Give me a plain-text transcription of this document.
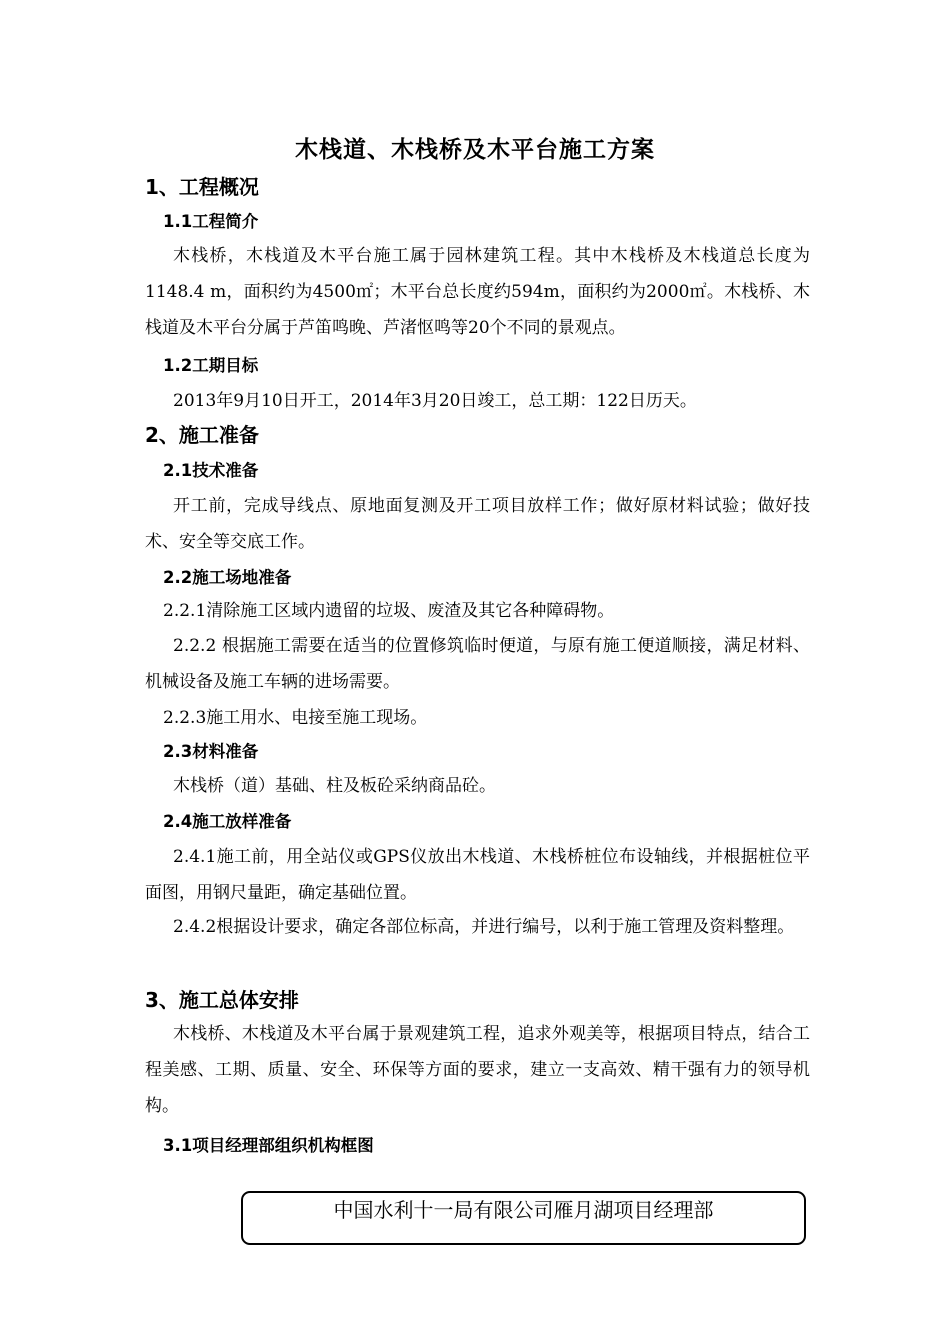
木栈道、木栈桥及木平台施工方案
1、工程概况
1.1工程简介
木栈桥，木栈道及木平台施工属于园林建筑工程。其中木栈桥及木栈道总长度为1148.4 m，面积约为4500㎡；木平台总长度约594m，面积约为2000㎡。木栈桥、木栈道及木平台分属于芦笛鸣晚、芦渚怄鸣等20个不同的景观点。
1.2工期目标
2013年9月10日开工，2014年3月20日竣工，总工期：122日历天。
2、施工准备
2.1技术准备
开工前，完成导线点、原地面复测及开工项目放样工作；做好原材料试验；做好技术、安全等交底工作。
2.2施工场地准备
2.2.1清除施工区域内遗留的垃圾、废渣及其它各种障碍物。
2.2.2 根据施工需要在适当的位置修筑临时便道，与原有施工便道顺接，满足材料、机械设备及施工车辆的进场需要。
2.2.3施工用水、电接至施工现场。
2.3材料准备
木栈桥（道）基础、柱及板砼采纳商品砼。
2.4施工放样准备
2.4.1施工前，用全站仪或GPS仪放出木栈道、木栈桥桩位布设轴线，并根据桩位平面图，用钢尺量距，确定基础位置。
2.4.2根据设计要求，确定各部位标高，并进行编号，以利于施工管理及资料整理。
3、施工总体安排
木栈桥、木栈道及木平台属于景观建筑工程，追求外观美等，根据项目特点，结合工程美感、工期、质量、安全、环保等方面的要求，建立一支高效、精干强有力的领导机构。
3.1项目经理部组织机构框图
中国水利十一局有限公司雁月湖项目经理部
